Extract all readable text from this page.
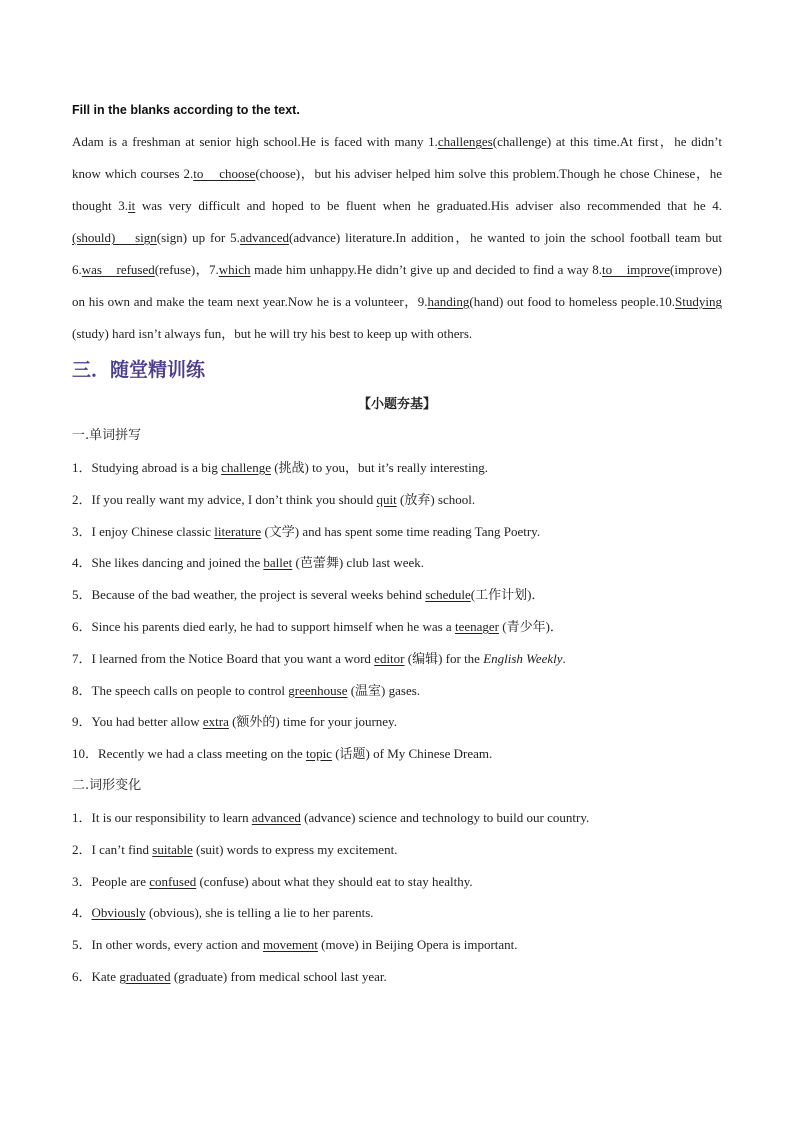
Fill in the blanks according to the text.
Adam is a freshman at senior high school.He is faced with many 1.challenges(challenge) at this time.At first，he didn’t know which courses 2.to    choose(choose)，but his adviser helped him solve this problem.Though he chose Chinese，he thought 3.it was very difficult and hoped to be fluent when he graduated.His adviser also recommended that he 4.(should)    sign(sign) up for 5.advanced(advance) literature.In addition，he wanted to join the school football team but 6.was    refused(refuse)，7.which made him unhappy.He didn’t give up and decided to find a way 8.to    improve(improve) on his own and make the team next year.Now he is a volunteer，9.handing(hand) out food to homeless people.10.Studying (study) hard isn’t always fun，but he will try his best to keep up with others.
三．随堂精训练
【小题夯基】
一.单词拼写
1．Studying abroad is a big challenge (挑战) to you，but it’s really interesting.
2．If you really want my advice, I don’t think you should quit (放弃) school.
3．I enjoy Chinese classic literature (文学) and has spent some time reading Tang Poetry.
4．She likes dancing and joined the ballet (芭蕾舞) club last week.
5．Because of the bad weather, the project is several weeks behind schedule(工作计划)．
6．Since his parents died early, he had to support himself when he was a teenager (青少年)．
7．I learned from the Notice Board that you want a word editor (编辑) for the English Weekly.
8．The speech calls on people to control greenhouse (温室) gases.
9．You had better allow extra (额外的) time for your journey.
10．Recently we had a class meeting on the topic (话题) of My Chinese Dream.
二.词形变化
1．It is our responsibility to learn advanced (advance) science and technology to build our country.
2．I can’t find suitable (suit) words to express my excitement.
3．People are confused (confuse) about what they should eat to stay healthy.
4．Obviously (obvious), she is telling a lie to her parents.
5．In other words, every action and movement (move) in Beijing Opera is important.
6．Kate graduated (graduate) from medical school last year.
